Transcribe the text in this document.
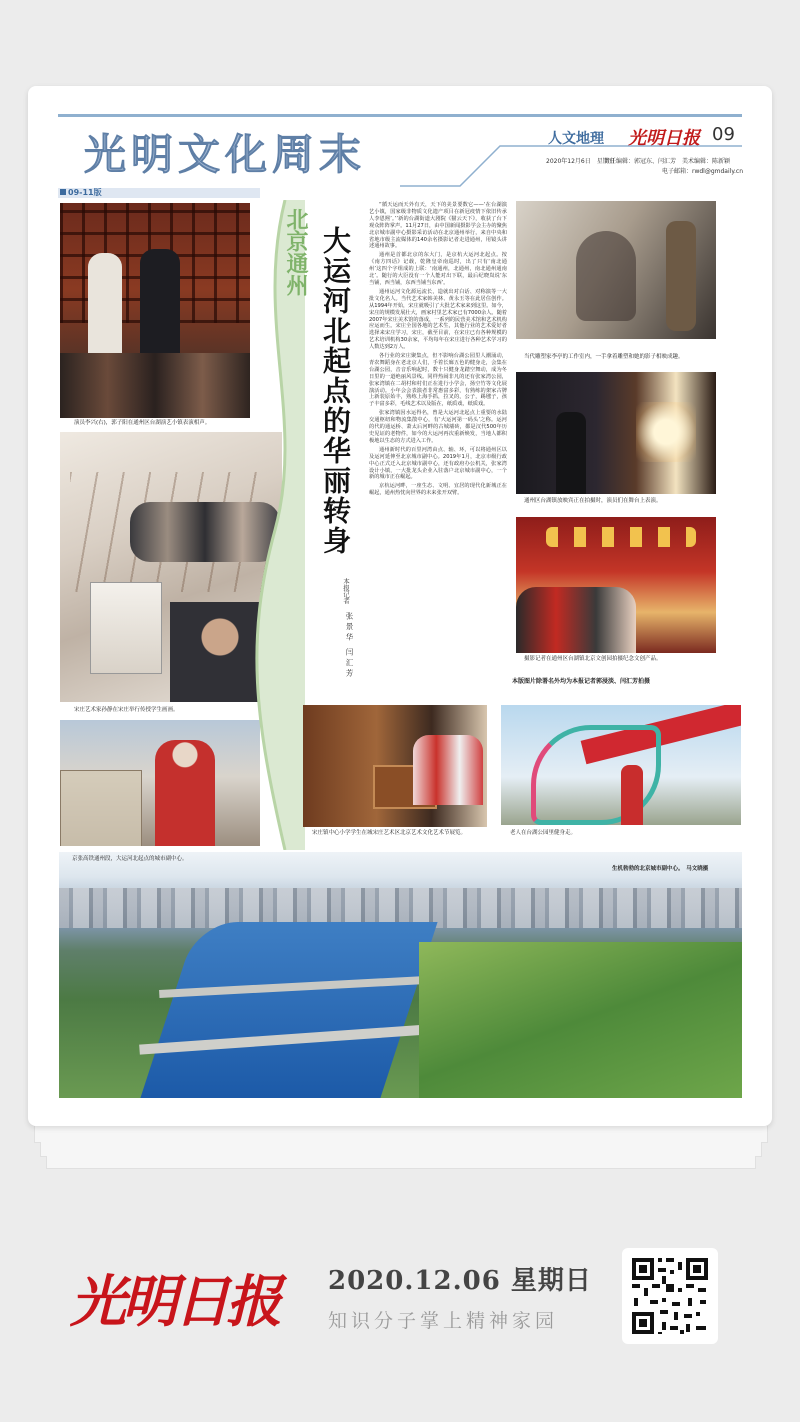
光明文化周末	人文地理 光明日报 09
2020年12月6日　星期日
责任编辑：郭冠东、闫汇芳　美术编辑：陈新颖
电子邮箱：rwdl@gmdaily.cn
09-11版
演员李兴(右)，郭子阳在通州区台湖演艺小镇表演相声。
宋庄艺术家孙静在宋庄举行传授学生画画。
北京通州 大运河北起点的华丽转身
本报记者
张景华
闫汇芳

“循天运而天外有天，天下的美景要数它——‘在台湖演艺小镇，国家级非物质文化遗产项目在新冠疫情下依旧传承人李恩熙’。’’新的台湖街道大剧院《猫云天下》，收获了台下观众阵阵掌声。11月27日，由中国新闻摄影学会主办的聚焦北京城市副中心摄影采访活动在北京通州举行，来自中央和省地市级主流媒体的140余名摄影记者走进通州，用镜头讲述通州故事。

通州是首都北京的东大门，是京杭大运河北起点。按《南方四话》记载，乾隆皇帝南巡时，出了只有‘南北通州’这四个字组成的上联：‘南通州，北通州，南北通州通南北’。随行的大臣没有一个人能对出下联，最后纪晓岚说‘东当铺，西当铺，东西当铺当东西’。

通州运河文化源远流长，造就出对白话、对称演等一大批文化名人。当代艺术家韩美林、黄永玉等在此居住创作。从1994年开始，宋庄就吸引了大批艺术家来到这里。如今，宋庄的规模发展壮大，画家村里艺术家已有7000余人。随着2007年宋庄美术馆的落成，一系列的民营美术馆和艺术机构应运而生。宋庄全国各地的艺术生，其他行业的艺术爱好者选择来宋庄学习，宋庄，截至目前，在宋庄已有各种规模的艺术培训机构30余家，平均每年在宋庄进行各种艺术学习的人数达到2万人。

各行业的宋庄聚集点，但不影响台湖公园里人潮涌动，青农舞蹈身在老北京人们，手着长廊五色的健身走，会集在台湖公园，音音乐响起时，数十只健身龙踏空舞动，成为冬日里的一道绝丽风景线。同样热闹非凡的还有张家湾公园，张家湾镇在二胡村和村们正在进行小学会，扬空竹等文化展演活动。小年会会表演者非常惠富多彩，有熟练的架家古牌上新装原始丰，熟练上海手抓，拉叉的，公子，踢毽子，孩子丰富多彩，毛线艺术以及版在，纸质戏，纸质戏。

张家湾镇因水运得名，曾是大运河北起点上重要的水陆交通枢纽和物流集散中心，有‘大运河第一码头’之称。运河的代的通运桥、萧太后河畔的古城墙砖，都是汉代500年历史见证的老物件，如今的大运河再次重新焕发，当地人都积极地以生态的方式进入工作。

通州新时代的百里河湾由点、轴、环，可以将通州区以及运河延伸至北京城市副中心。2019年1月，北京市级行政中心正式迁入北京城市副中心，还有政府办公机关，张家湾设计小镇，一大批龙头企业入驻落户北京城市副中心，一个新的城市正在崛起。

京杭运河畔，一座生态、文明、宜居的现代化新城正在崛起，通州热忱向世界的未来张开双臂。

当代雕塑家李亭的工作室内，一手拿着雕塑和她的影子相映成趣。
通州区台湖镇放映宾正在拍摄时，演员们在舞台上表演。
摄影记者在通州区台湖镇北京文创园拍摄纪念文创产品。
本版图片除署名外均为本报记者郭浸淡、闫汇芳拍摄
宋庄镇中心小学学生在城宋庄艺术区北京艺术文化艺术节展览。	老人在台湖公园里健身走。
京张高铁通州段，大运河北起点的城市副中心。
生机勃勃的北京城市副中心。　马文晓摄
光明日报 2020.12.06 星期日
知识分子掌上精神家园
